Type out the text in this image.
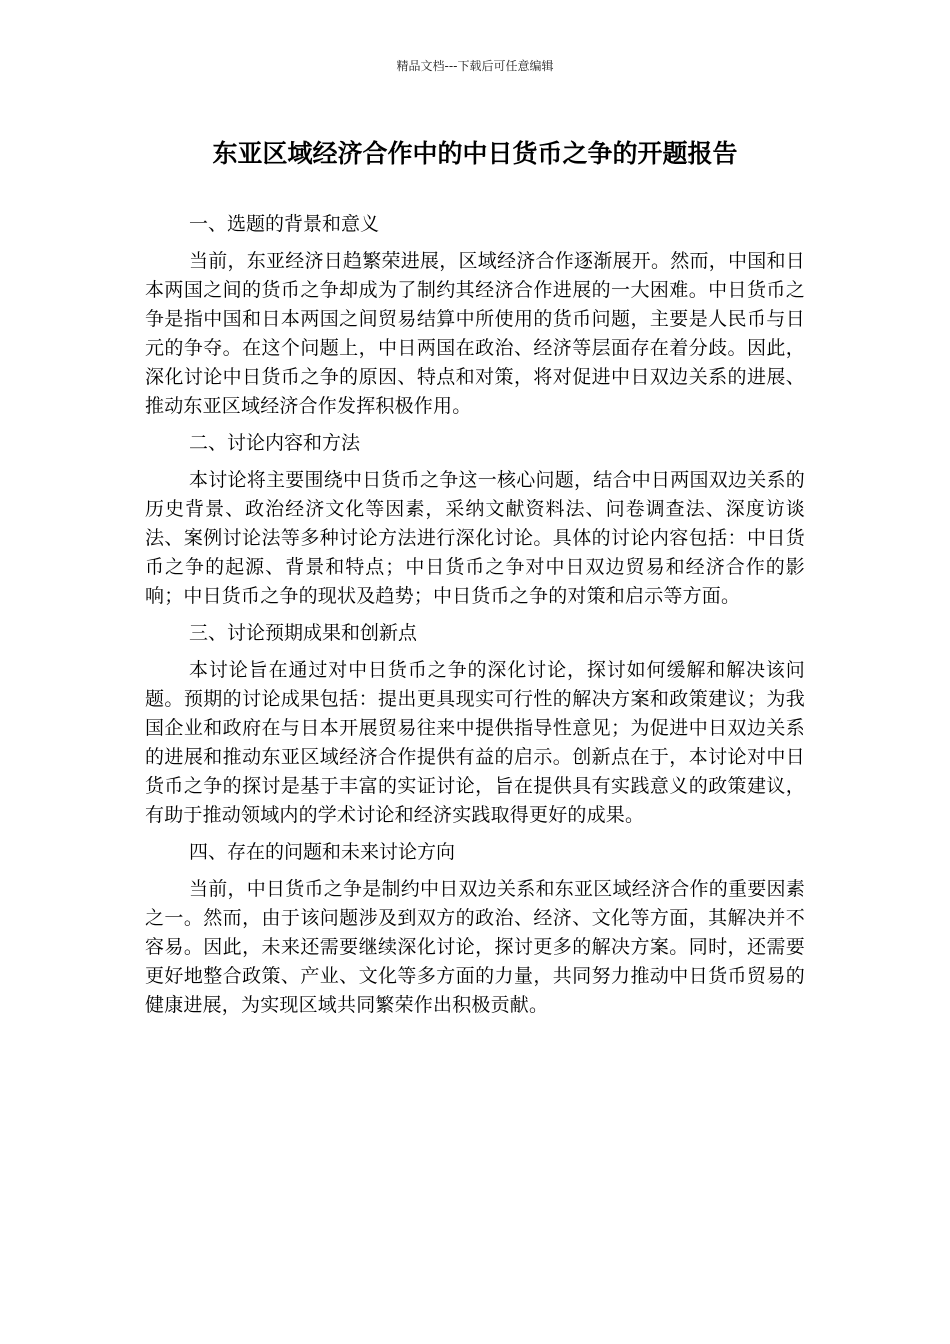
精品文档---下载后可任意编辑
东亚区域经济合作中的中日货币之争的开题报告
一、选题的背景和意义

当前，东亚经济日趋繁荣进展，区域经济合作逐渐展开。然而，中国和日本两国之间的货币之争却成为了制约其经济合作进展的一大困难。中日货币之争是指中国和日本两国之间贸易结算中所使用的货币问题，主要是人民币与日元的争夺。在这个问题上，中日两国在政治、经济等层面存在着分歧。因此，深化讨论中日货币之争的原因、特点和对策，将对促进中日双边关系的进展、推动东亚区域经济合作发挥积极作用。

二、讨论内容和方法

本讨论将主要围绕中日货币之争这一核心问题，结合中日两国双边关系的历史背景、政治经济文化等因素，采纳文献资料法、问卷调查法、深度访谈法、案例讨论法等多种讨论方法进行深化讨论。具体的讨论内容包括：中日货币之争的起源、背景和特点；中日货币之争对中日双边贸易和经济合作的影响；中日货币之争的现状及趋势；中日货币之争的对策和启示等方面。

三、讨论预期成果和创新点

本讨论旨在通过对中日货币之争的深化讨论，探讨如何缓解和解决该问题。预期的讨论成果包括：提出更具现实可行性的解决方案和政策建议；为我国企业和政府在与日本开展贸易往来中提供指导性意见；为促进中日双边关系的进展和推动东亚区域经济合作提供有益的启示。创新点在于，本讨论对中日货币之争的探讨是基于丰富的实证讨论，旨在提供具有实践意义的政策建议，有助于推动领域内的学术讨论和经济实践取得更好的成果。

四、存在的问题和未来讨论方向

当前，中日货币之争是制约中日双边关系和东亚区域经济合作的重要因素之一。然而，由于该问题涉及到双方的政治、经济、文化等方面，其解决并不容易。因此，未来还需要继续深化讨论，探讨更多的解决方案。同时，还需要更好地整合政策、产业、文化等多方面的力量，共同努力推动中日货币贸易的健康进展，为实现区域共同繁荣作出积极贡献。
